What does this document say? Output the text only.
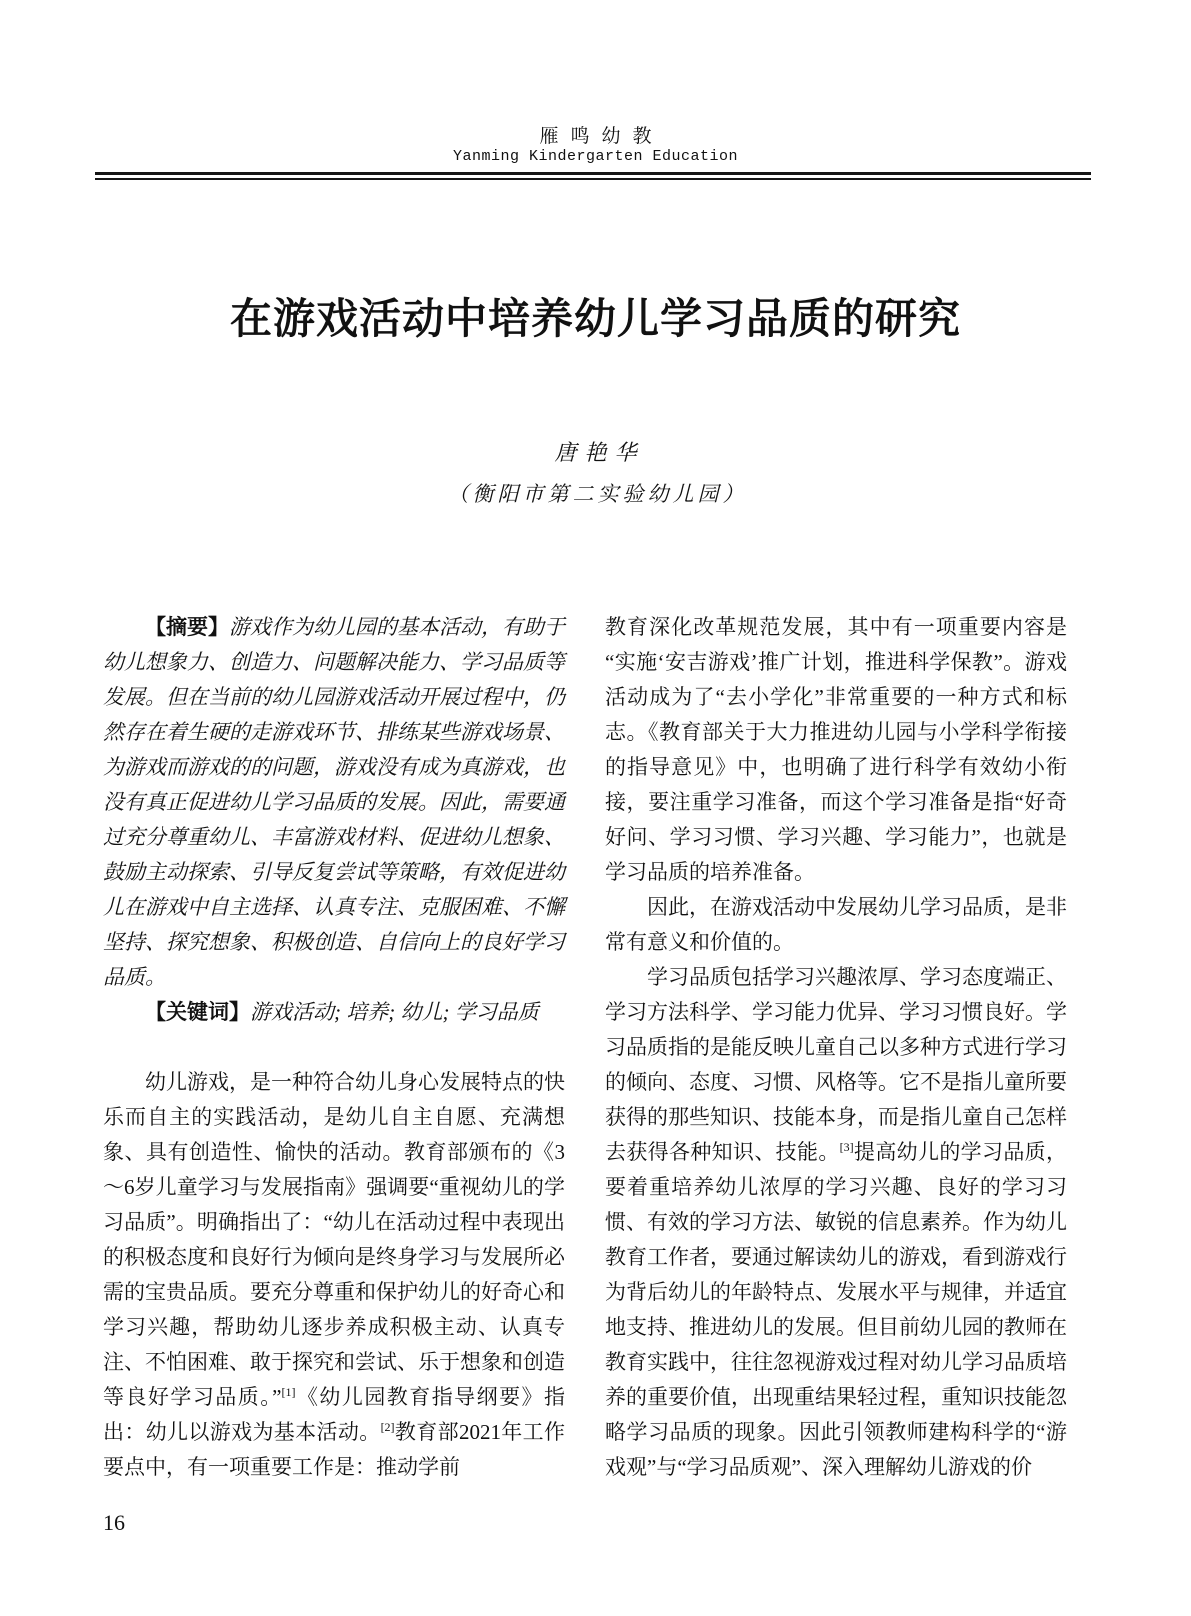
雁鸣幼教
Yanming Kindergarten Education
在游戏活动中培养幼儿学习品质的研究
唐艳华
（衡阳市第二实验幼儿园）

【摘要】游戏作为幼儿园的基本活动，有助于幼儿想象力、创造力、问题解决能力、学习品质等发展。但在当前的幼儿园游戏活动开展过程中，仍然存在着生硬的走游戏环节、排练某些游戏场景、为游戏而游戏的的问题，游戏没有成为真游戏，也没有真正促进幼儿学习品质的发展。因此，需要通过充分尊重幼儿、丰富游戏材料、促进幼儿想象、鼓励主动探索、引导反复尝试等策略，有效促进幼儿在游戏中自主选择、认真专注、克服困难、不懈坚持、探究想象、积极创造、自信向上的良好学习品质。

【关键词】游戏活动; 培养; 幼儿; 学习品质

幼儿游戏，是一种符合幼儿身心发展特点的快乐而自主的实践活动，是幼儿自主自愿、充满想象、具有创造性、愉快的活动。教育部颁布的《3～6岁儿童学习与发展指南》强调要“重视幼儿的学习品质”。明确指出了：“幼儿在活动过程中表现出的积极态度和良好行为倾向是终身学习与发展所必需的宝贵品质。要充分尊重和保护幼儿的好奇心和学习兴趣，帮助幼儿逐步养成积极主动、认真专注、不怕困难、敢于探究和尝试、乐于想象和创造等良好学习品质。”[1]《幼儿园教育指导纲要》指出：幼儿以游戏为基本活动。[2]教育部2021年工作要点中，有一项重要工作是：推动学前

教育深化改革规范发展，其中有一项重要内容是“实施‘安吉游戏’推广计划，推进科学保教”。游戏活动成为了“去小学化”非常重要的一种方式和标志。《教育部关于大力推进幼儿园与小学科学衔接的指导意见》中，也明确了进行科学有效幼小衔接，要注重学习准备，而这个学习准备是指“好奇好问、学习习惯、学习兴趣、学习能力”，也就是学习品质的培养准备。

因此，在游戏活动中发展幼儿学习品质，是非常有意义和价值的。

学习品质包括学习兴趣浓厚、学习态度端正、学习方法科学、学习能力优异、学习习惯良好。学习品质指的是能反映儿童自己以多种方式进行学习的倾向、态度、习惯、风格等。它不是指儿童所要获得的那些知识、技能本身，而是指儿童自己怎样去获得各种知识、技能。[3]提高幼儿的学习品质，要着重培养幼儿浓厚的学习兴趣、良好的学习习惯、有效的学习方法、敏锐的信息素养。作为幼儿教育工作者，要通过解读幼儿的游戏，看到游戏行为背后幼儿的年龄特点、发展水平与规律，并适宜地支持、推进幼儿的发展。但目前幼儿园的教师在教育实践中，往往忽视游戏过程对幼儿学习品质培养的重要价值，出现重结果轻过程，重知识技能忽略学习品质的现象。因此引领教师建构科学的“游戏观”与“学习品质观”、深入理解幼儿游戏的价

16
